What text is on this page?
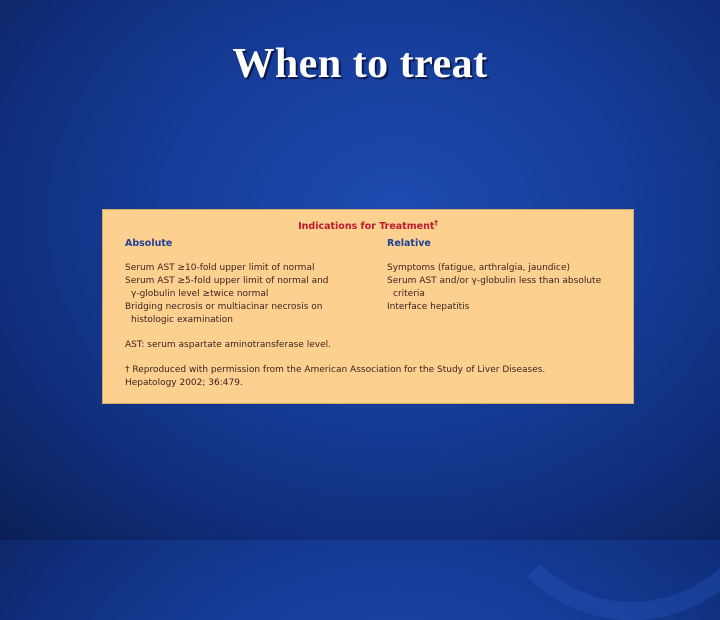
When to treat
Indications for Treatment†
Absolute	Relative
Serum AST ≥10-fold upper limit of normal
Serum AST ≥5-fold upper limit of normal and
γ-globulin level ≥twice normal
Bridging necrosis or multiacinar necrosis on
histologic examination
Symptoms (fatigue, arthralgia, jaundice)
Serum AST and/or γ-globulin less than absolute
criteria
Interface hepatitis
AST: serum aspartate aminotransferase level.
† Reproduced with permission from the American Association for the Study of Liver Diseases.
Hepatology 2002; 36:479.
